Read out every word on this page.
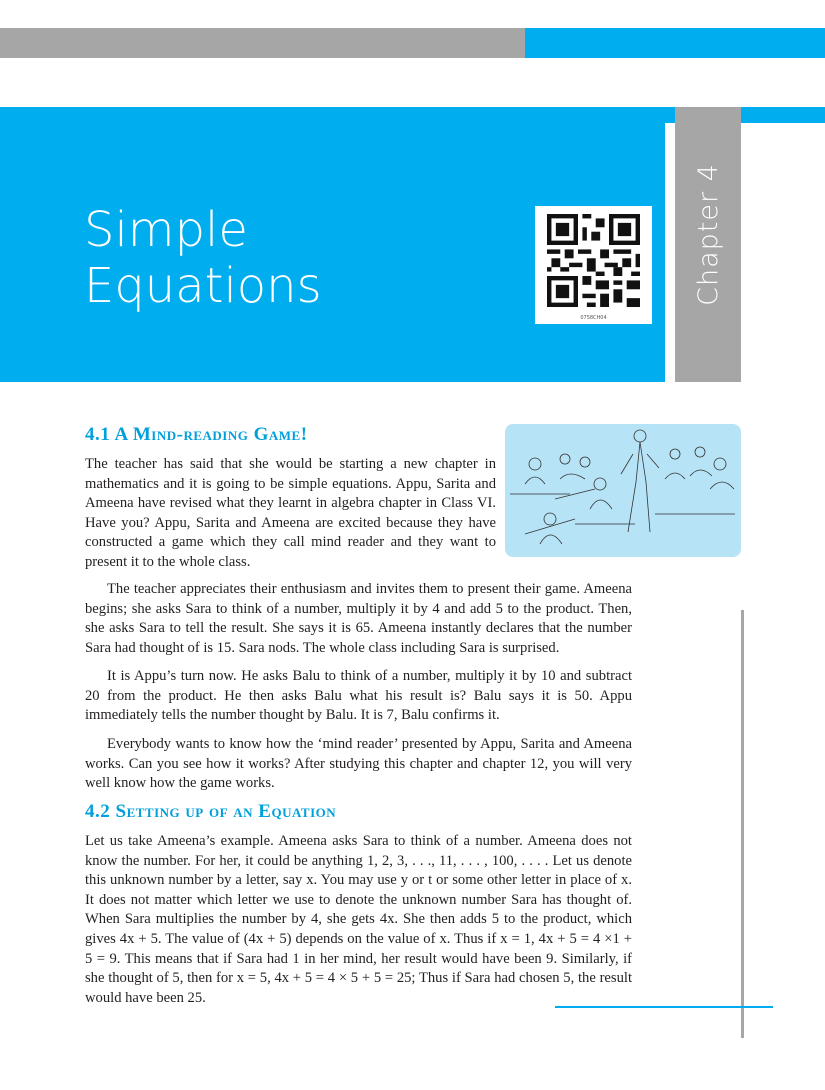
Chapter 4
Simple
Equations
0758CH04
4.1 A Mind-reading Game!

The teacher has said that she would be starting a new chapter in mathematics and it is going to be simple equations. Appu, Sarita and Ameena have revised what they learnt in algebra chapter in Class VI. Have you? Appu, Sarita and Ameena are excited because they have constructed a game which they call mind reader and they want to present it to the whole class.

The teacher appreciates their enthusiasm and invites them to present their game. Ameena begins; she asks Sara to think of a number, multiply it by 4 and add 5 to the product. Then, she asks Sara to tell the result. She says it is 65. Ameena instantly declares that the number Sara had thought of is 15. Sara nods. The whole class including Sara is surprised.

It is Appu’s turn now. He asks Balu to think of a number, multiply it by 10 and subtract 20 from the product. He then asks Balu what his result is? Balu says it is 50. Appu immediately tells the number thought by Balu. It is 7, Balu confirms it.

Everybody wants to know how the ‘mind reader’ presented by Appu, Sarita and Ameena works. Can you see how it works? After studying this chapter and chapter 12, you will very well know how the game works.

4.2 Setting up of an Equation

Let us take Ameena’s example. Ameena asks Sara to think of a number. Ameena does not know the number. For her, it could be anything 1, 2, 3, . . ., 11, . . . , 100, . . . . Let us denote this unknown number by a letter, say x. You may use y or t or some other letter in place of x. It does not matter which letter we use to denote the unknown number Sara has thought of. When Sara multiplies the number by 4, she gets 4x. She then adds 5 to the product, which gives 4x + 5. The value of (4x + 5) depends on the value of x. Thus if x = 1, 4x + 5 = 4 ×1 + 5 = 9. This means that if Sara had 1 in her mind, her result would have been 9. Similarly, if she thought of 5, then for x = 5, 4x + 5 = 4 × 5 + 5 = 25; Thus if Sara had chosen 5, the result would have been 25.
